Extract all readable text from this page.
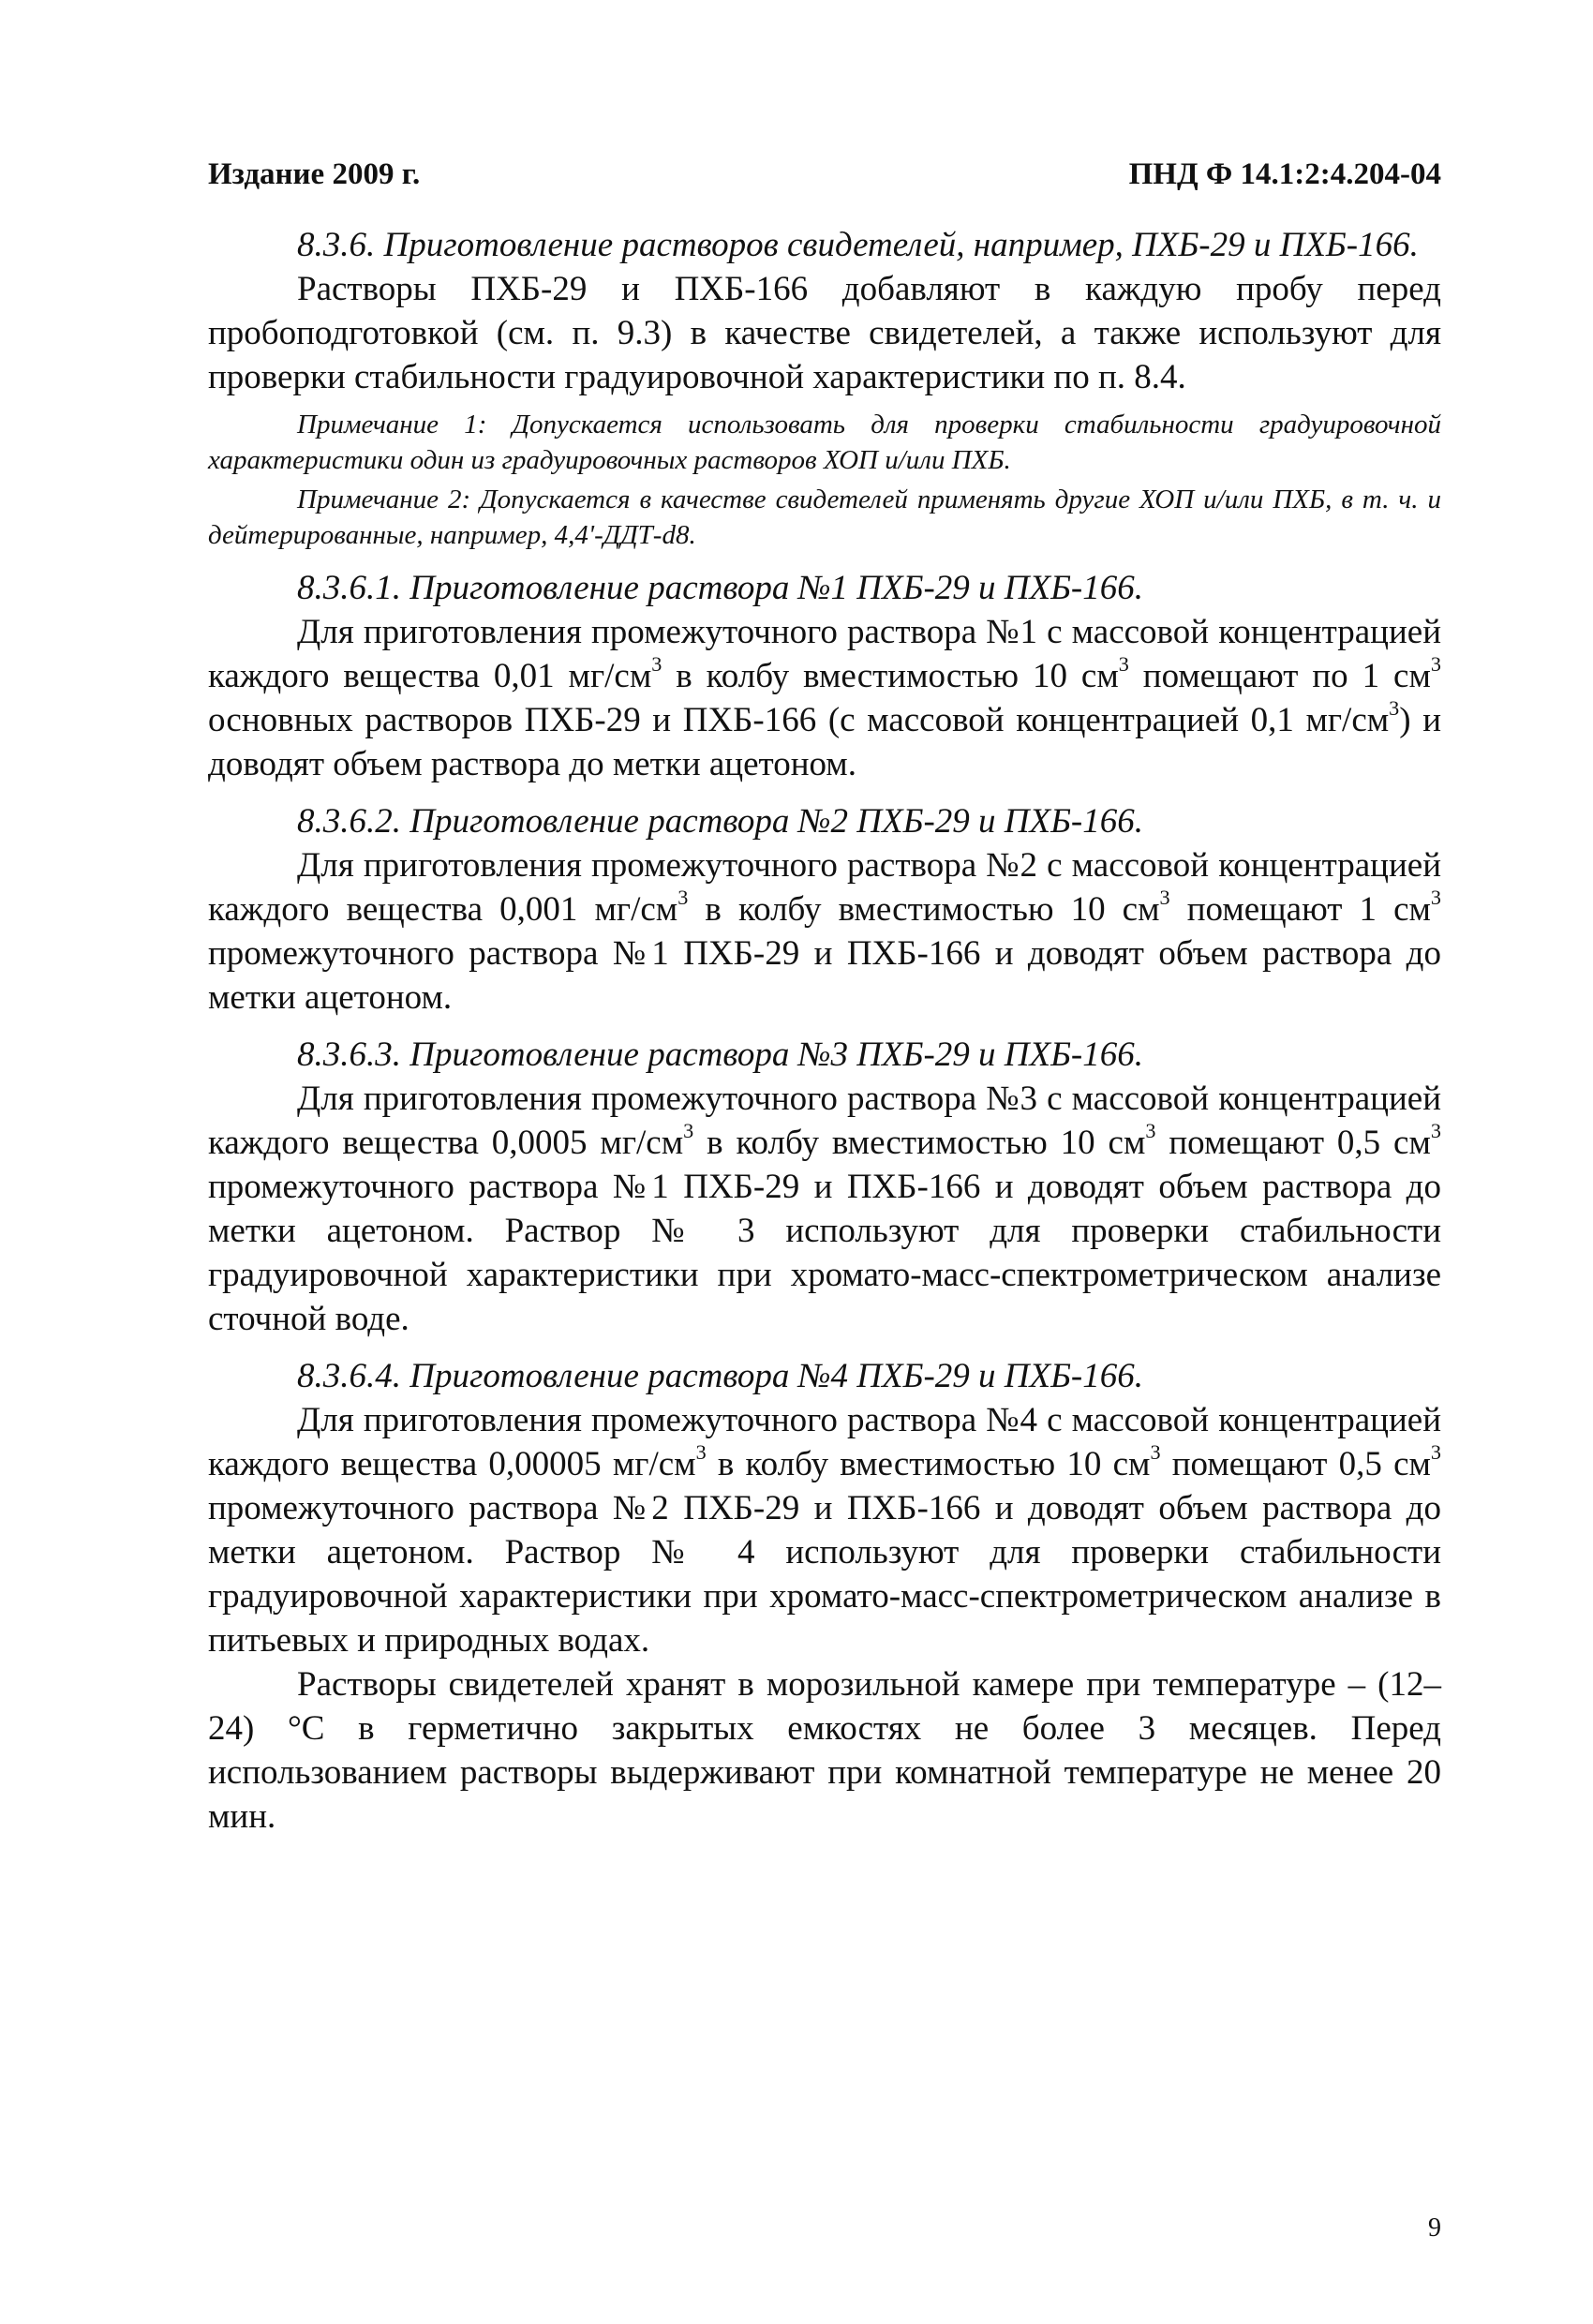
Издание 2009 г.	ПНД Ф 14.1:2:4.204-04

8.3.6. Приготовление растворов свидетелей, например, ПХБ-29 и ПХБ-166.

Растворы ПХБ-29 и ПХБ-166 добавляют в каждую пробу перед пробоподготовкой (см. п. 9.3) в качестве свидетелей, а также используют для проверки стабильности градуировочной характеристики по п. 8.4.

Примечание 1: Допускается использовать для проверки стабильности градуировочной характеристики один из градуировочных растворов ХОП и/или ПХБ.

Примечание 2: Допускается в качестве свидетелей применять другие ХОП и/или ПХБ, в т. ч. и дейтерированные, например, 4,4'-ДДТ-d8.

8.3.6.1. Приготовление раствора №1 ПХБ-29 и ПХБ-166.

Для приготовления промежуточного раствора №1 с массовой концентрацией каждого вещества 0,01 $мг/см^3$ в колбу вместимостью 10 $см^3$ помещают по 1 $см^3$ основных растворов ПХБ-29 и ПХБ-166 (с массовой концентрацией 0,1 $мг/см^3$) и доводят объем раствора до метки ацетоном.

8.3.6.2. Приготовление раствора №2 ПХБ-29 и ПХБ-166.

Для приготовления промежуточного раствора №2 с массовой концентрацией каждого вещества 0,001 $мг/см^3$ в колбу вместимостью 10 $см^3$ помещают 1 $см^3$ промежуточного раствора №1 ПХБ-29 и ПХБ-166 и доводят объем раствора до метки ацетоном.

8.3.6.3. Приготовление раствора №3 ПХБ-29 и ПХБ-166.

Для приготовления промежуточного раствора №3 с массовой концентрацией каждого вещества 0,0005 $мг/см^3$ в колбу вместимостью 10 $см^3$ помещают 0,5 $см^3$ промежуточного раствора №1 ПХБ-29 и ПХБ-166 и доводят объем раствора до метки ацетоном. Раствор № 3 используют для проверки стабильности градуировочной характеристики при хромато-масс-спектрометрическом анализе сточной воде.

8.3.6.4. Приготовление раствора №4 ПХБ-29 и ПХБ-166.

Для приготовления промежуточного раствора №4 с массовой концентрацией каждого вещества 0,00005 $мг/см^3$ в колбу вместимостью 10 $см^3$ помещают 0,5 $см^3$ промежуточного раствора №2 ПХБ-29 и ПХБ-166 и доводят объем раствора до метки ацетоном. Раствор № 4 используют для проверки стабильности градуировочной характеристики при хромато-масс-спектрометрическом анализе в питьевых и природных водах.

Растворы свидетелей хранят в морозильной камере при температуре – (12–24) °С в герметично закрытых емкостях не более 3 месяцев. Перед использованием растворы выдерживают при комнатной температуре не менее 20 мин.

9
